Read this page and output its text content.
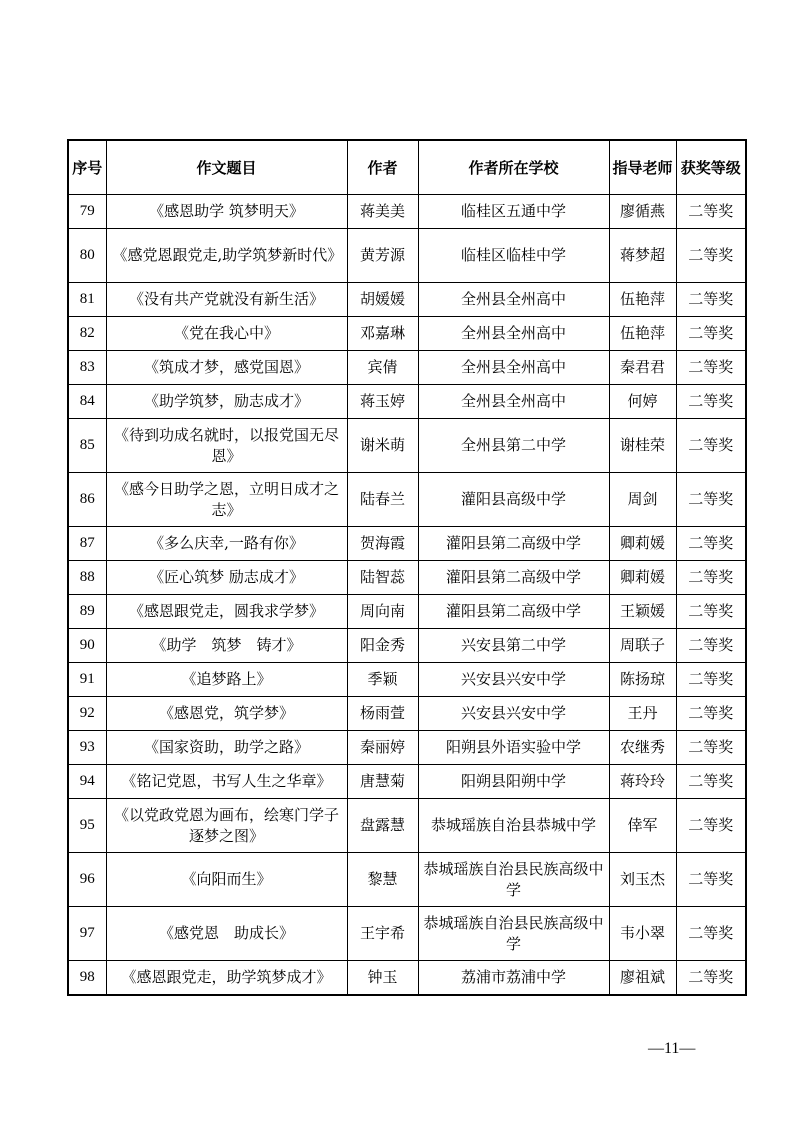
序号	作文题目	作者	作者所在学校	指导老师	获奖等级
79	《感恩助学 筑梦明天》	蒋美美	临桂区五通中学	廖循燕	二等奖
80	《感党恩跟党走,助学筑梦新时代》	黄芳源	临桂区临桂中学	蒋梦超	二等奖
81	《没有共产党就没有新生活》	胡媛媛	全州县全州高中	伍艳萍	二等奖
82	《党在我心中》	邓嘉琳	全州县全州高中	伍艳萍	二等奖
83	《筑成才梦，感党国恩》	宾倩	全州县全州高中	秦君君	二等奖
84	《助学筑梦，励志成才》	蒋玉婷	全州县全州高中	何婷	二等奖
85	《待到功成名就时，以报党国无尽恩》	谢米萌	全州县第二中学	谢桂荣	二等奖
86	《感今日助学之恩，立明日成才之志》	陆春兰	灌阳县高级中学	周剑	二等奖
87	《多么庆幸,一路有你》	贺海霞	灌阳县第二高级中学	卿莉媛	二等奖
88	《匠心筑梦 励志成才》	陆智蕊	灌阳县第二高级中学	卿莉媛	二等奖
89	《感恩跟党走，圆我求学梦》	周向南	灌阳县第二高级中学	王颖媛	二等奖
90	《助学　筑梦　铸才》	阳金秀	兴安县第二中学	周联子	二等奖
91	《追梦路上》	季颖	兴安县兴安中学	陈扬琼	二等奖
92	《感恩党，筑学梦》	杨雨萱	兴安县兴安中学	王丹	二等奖
93	《国家资助，助学之路》	秦丽婷	阳朔县外语实验中学	农继秀	二等奖
94	《铭记党恩，书写人生之华章》	唐慧菊	阳朔县阳朔中学	蒋玲玲	二等奖
95	《以党政党恩为画布，绘寒门学子逐梦之图》	盘露慧	恭城瑶族自治县恭城中学	倖军	二等奖
96	《向阳而生》	黎慧	恭城瑶族自治县民族高级中学	刘玉杰	二等奖
97	《感党恩　助成长》	王宇希	恭城瑶族自治县民族高级中学	韦小翠	二等奖
98	《感恩跟党走，助学筑梦成才》	钟玉	荔浦市荔浦中学	廖祖斌	二等奖
—11—
